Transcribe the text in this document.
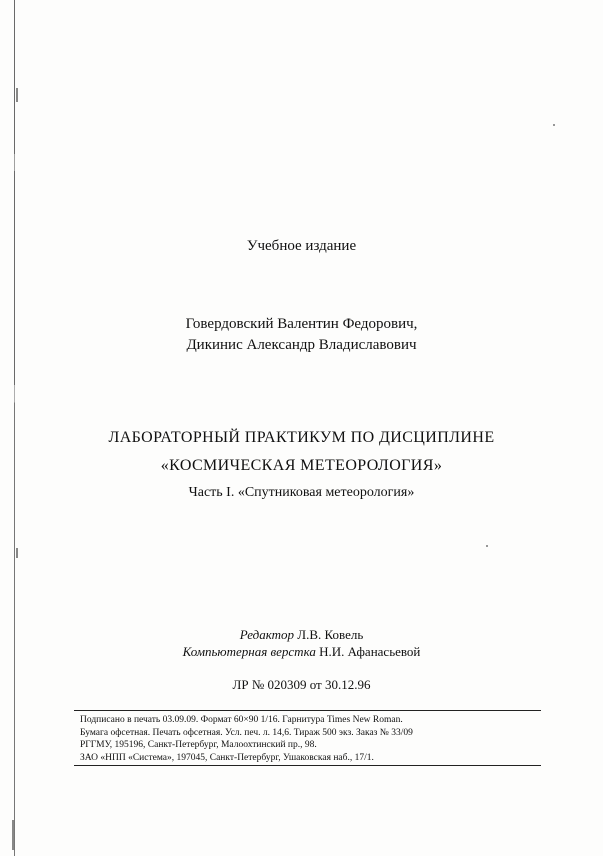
Учебное издание
Говердовский Валентин Федорович,
Дикинис Александр Владиславович
ЛАБОРАТОРНЫЙ ПРАКТИКУМ ПО ДИСЦИПЛИНЕ
«КОСМИЧЕСКАЯ МЕТЕОРОЛОГИЯ»
Часть I. «Спутниковая метеорология»
Редактор Л.В. Ковель
Компьютерная верстка Н.И. Афанасьевой
ЛР № 020309 от 30.12.96
Подписано в печать 03.09.09. Формат 60×90 1/16. Гарнитура Times New Roman.
Бумага офсетная. Печать офсетная. Усл. печ. л. 14,6. Тираж 500 экз. Заказ № 33/09
РГГМУ, 195196, Санкт-Петербург, Малоохтинский пр., 98.
ЗАО «НПП «Система», 197045, Санкт-Петербург, Ушаковская наб., 17/1.
